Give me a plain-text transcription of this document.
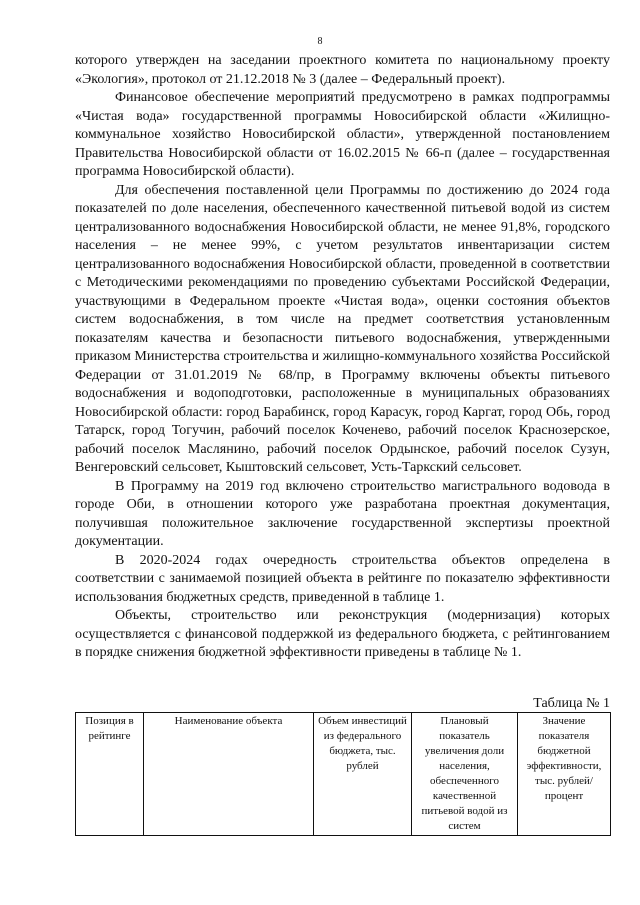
8

которого утвержден на заседании проектного комитета по национальному проекту «Экология», протокол от 21.12.2018 № 3 (далее – Федеральный проект).

Финансовое обеспечение мероприятий предусмотрено в рамках подпрограммы «Чистая вода» государственной программы Новосибирской области «Жилищно-коммунальное хозяйство Новосибирской области», утвержденной постановлением Правительства Новосибирской области от 16.02.2015 № 66-п (далее – государственная программа Новосибирской области).

Для обеспечения поставленной цели Программы по достижению до 2024 года показателей по доле населения, обеспеченного качественной питьевой водой из систем централизованного водоснабжения Новосибирской области, не менее 91,8%, городского населения – не менее 99%, с учетом результатов инвентаризации систем централизованного водоснабжения Новосибирской области, проведенной в соответствии с Методическими рекомендациями по проведению субъектами Российской Федерации, участвующими в Федеральном проекте «Чистая вода», оценки состояния объектов систем водоснабжения, в том числе на предмет соответствия установленным показателям качества и безопасности питьевого водоснабжения, утвержденными приказом Министерства строительства и жилищно-коммунального хозяйства Российской Федерации от 31.01.2019 № 68/пр, в Программу включены объекты питьевого водоснабжения и водоподготовки, расположенные в муниципальных образованиях Новосибирской области: город Барабинск, город Карасук, город Каргат, город Обь, город Татарск, город Тогучин, рабочий поселок Коченево, рабочий поселок Краснозерское, рабочий поселок Маслянино, рабочий поселок Ордынское, рабочий поселок Сузун, Венгеровский сельсовет, Кыштовский сельсовет, Усть-Таркский сельсовет.

В Программу на 2019 год включено строительство магистрального водовода в городе Оби, в отношении которого уже разработана проектная документация, получившая положительное заключение государственной экспертизы проектной документации.

В 2020-2024 годах очередность строительства объектов определена в соответствии с занимаемой позицией объекта в рейтинге по показателю эффективности использования бюджетных средств, приведенной в таблице 1.

Объекты, строительство или реконструкция (модернизация) которых осуществляется с финансовой поддержкой из федерального бюджета, с рейтингованием в порядке снижения бюджетной эффективности приведены в таблице № 1.

Таблица № 1
Позиция в рейтинге	Наименование объекта	Объем инвестиций из федерального бюджета, тыс. рублей	Плановый показатель увеличения доли населения, обеспеченного качественной питьевой водой из систем	Значение показателя бюджетной эффективности, тыс. рублей/ процент
